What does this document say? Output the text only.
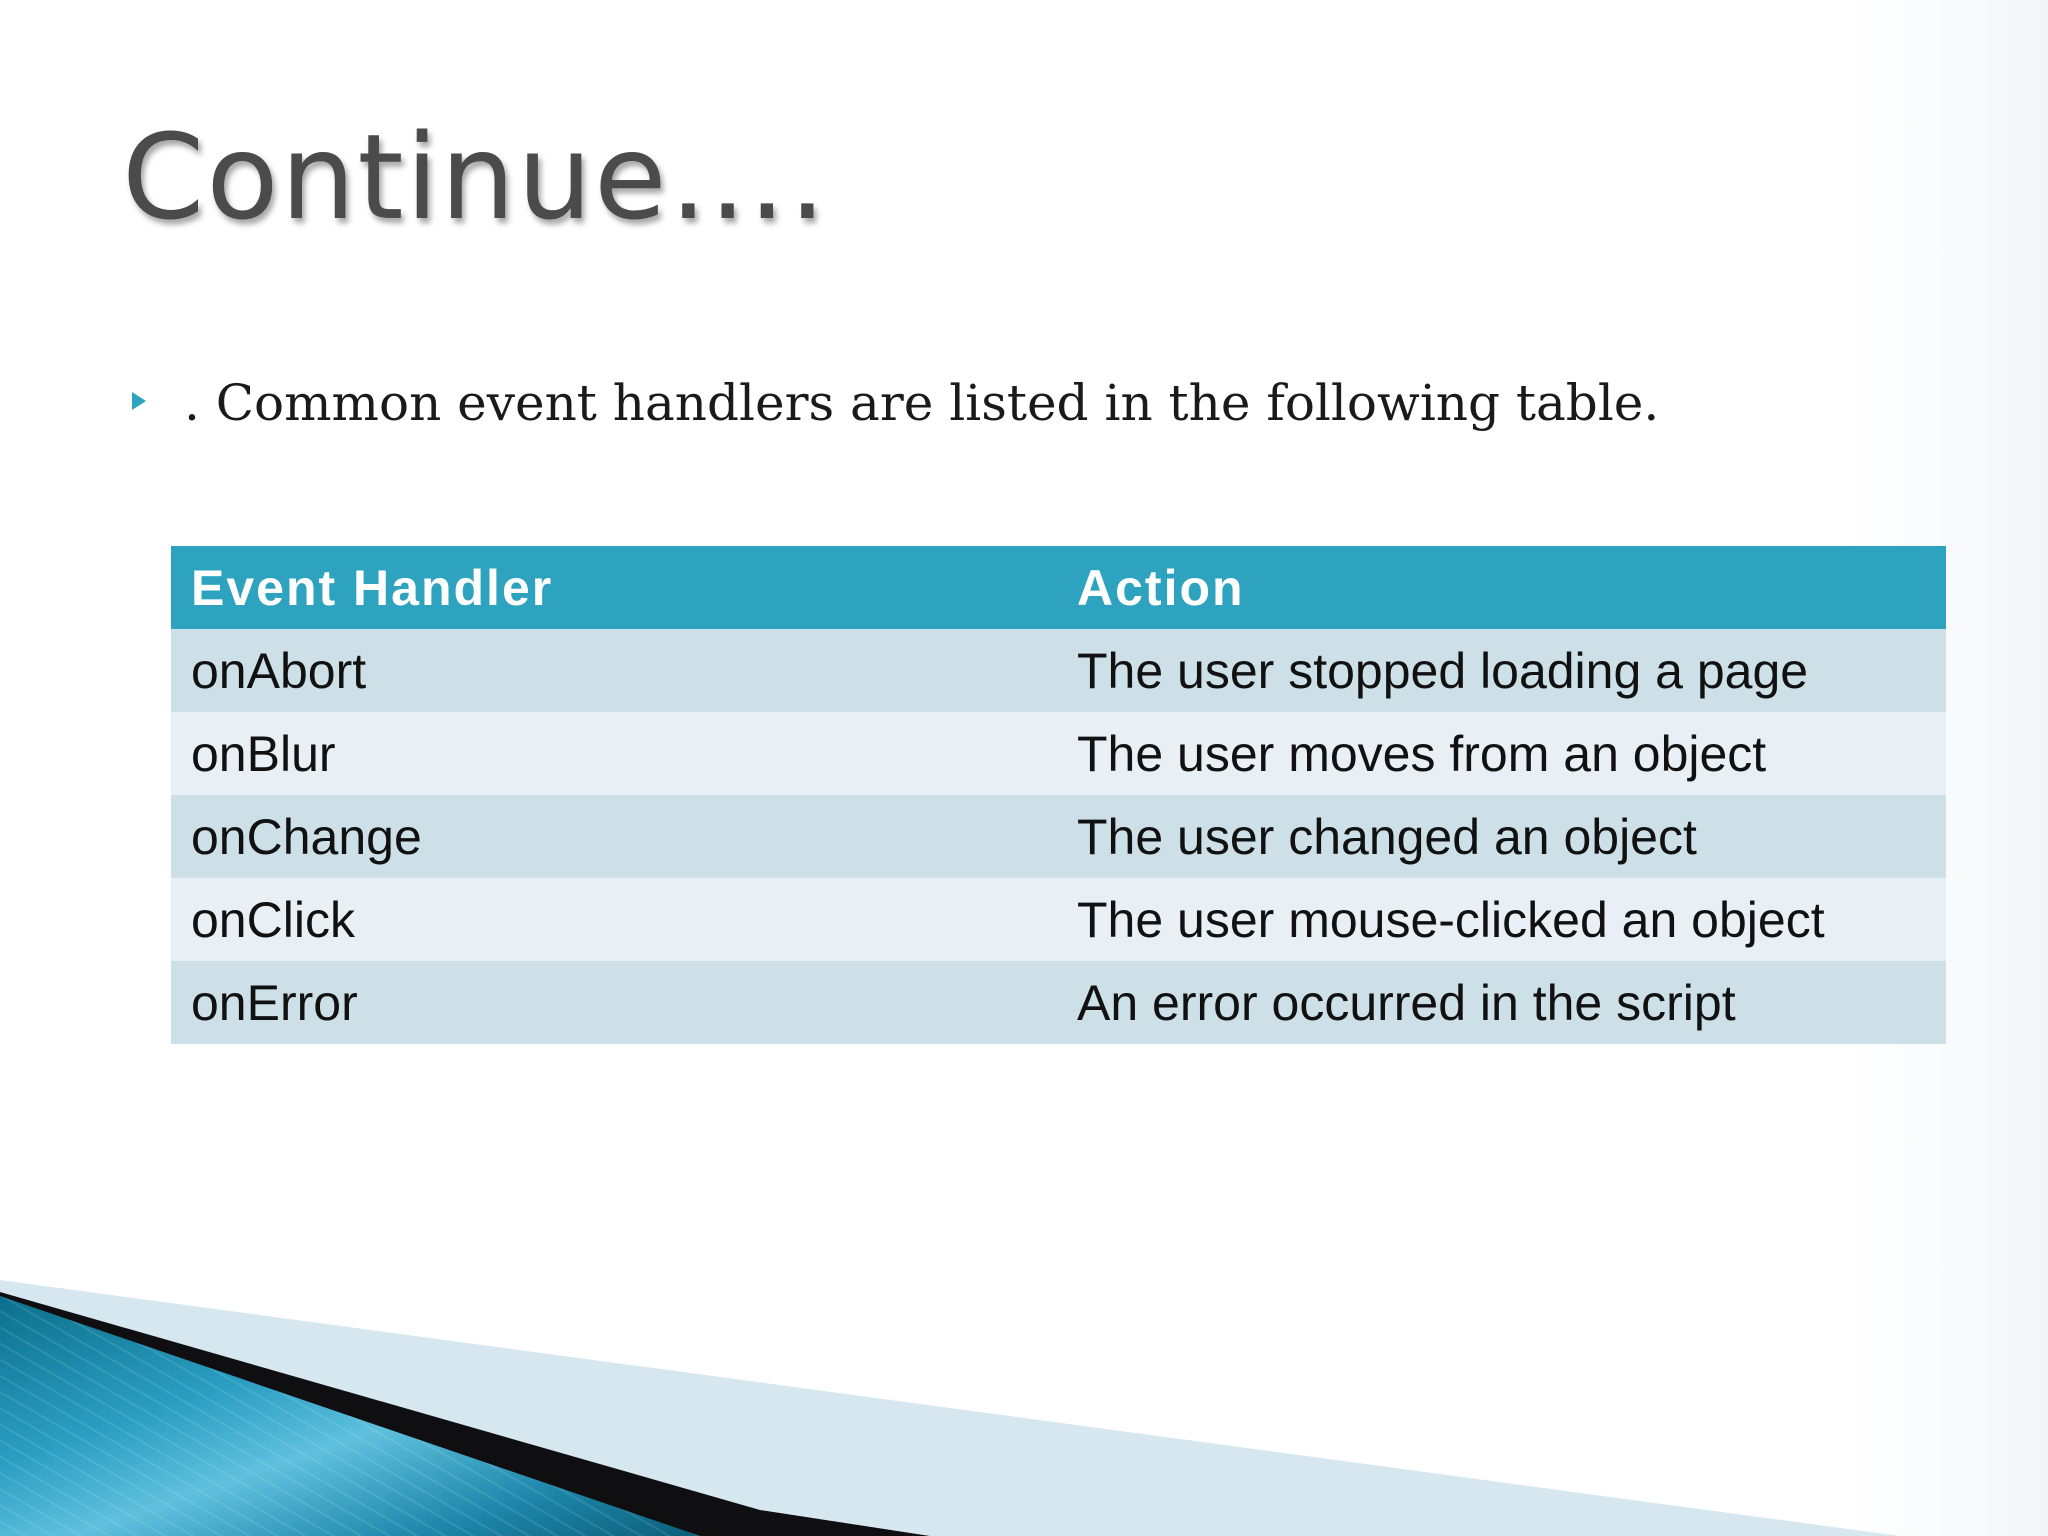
Continue….
. Common event handlers are listed in the following table.
Event Handler	Action
onAbort	The user stopped loading a page
onBlur	The user moves from an object
onChange	The user changed an object
onClick	The user mouse-clicked an object
onError	An error occurred in the script
